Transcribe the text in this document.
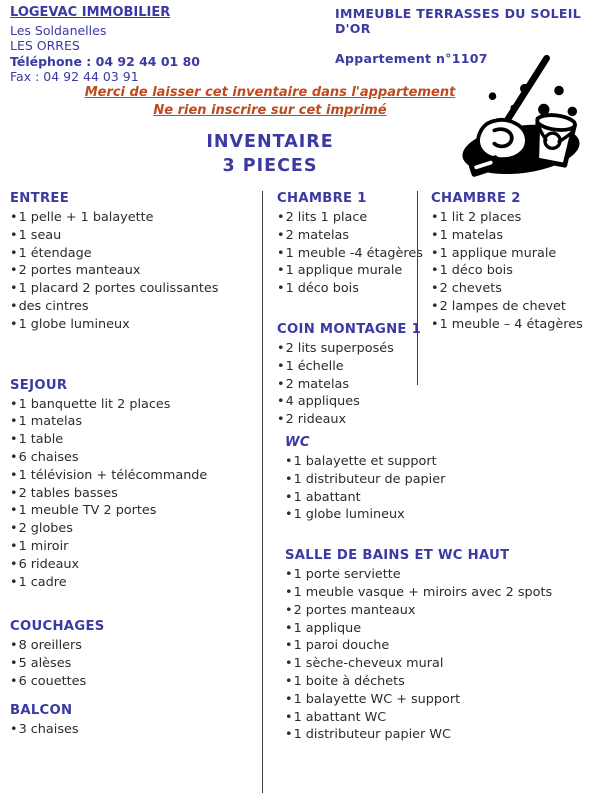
LOGEVAC IMMOBILIER
Les Soldanelles
LES ORRES
Téléphone : 04 92 44 01 80
Fax : 04 92 44 03 91
IMMEUBLE TERRASSES DU SOLEIL D'OR
Appartement n°1107
Merci de laisser cet inventaire dans l'appartement
Ne rien inscrire sur cet imprimé
INVENTAIRE
3 PIECES
ENTREE
•1 pelle + 1 balayette
•1 seau
•1 étendage
•2 portes manteaux
•1 placard 2 portes coulissantes
•des cintres
•1 globe lumineux
SEJOUR
•1 banquette lit 2 places
•1 matelas
•1 table
•6 chaises
•1 télévision + télécommande
•2 tables basses
•1 meuble TV 2 portes
•2 globes
•1 miroir
•6 rideaux
•1 cadre
COUCHAGES
•8 oreillers
•5 alèses
•6 couettes
BALCON
•3 chaises
CHAMBRE 1
•2 lits 1 place
•2 matelas
•1 meuble -4 étagères
•1 applique murale
•1 déco bois
COIN MONTAGNE 1
•2 lits superposés
•1 échelle
•2 matelas
•4 appliques
•2 rideaux
WC
•1 balayette et support
•1 distributeur de papier
•1 abattant
•1 globe lumineux
SALLE DE BAINS ET WC HAUT
•1 porte serviette
•1 meuble vasque + miroirs avec 2 spots
•2 portes manteaux
•1 applique
•1 paroi douche
•1 sèche-cheveux mural
•1 boite à déchets
•1 balayette WC + support
•1 abattant WC
•1 distributeur papier WC
CHAMBRE 2
•1 lit 2 places
•1 matelas
•1 applique murale
•1 déco bois
•2 chevets
•2 lampes de chevet
•1 meuble – 4 étagères
